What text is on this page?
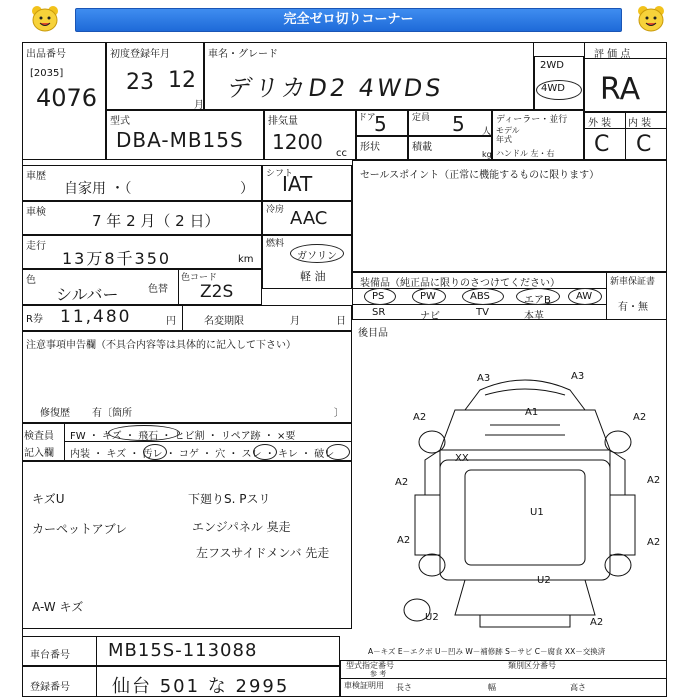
完全ゼロ切りコーナー
出品番号
[2035]
4076
初度登録年月
23 12
月
車名・グレード
デリカD2 4WDS
2WD
4WD
評 価 点
RA
型式
DBA-MB15S
排気量
1200 cc
ドア
5	定員 5 人
形状	積載
kg
ディーラー・並行
モデル年式
ハンドル 左・右
外 装 内 装
C C
車歴
自家用 ・（	）
シフト
IAT
車検	7 年 2 月（ 2 日）
冷房 AAC
走行
13万8千350	km
燃料
ガソリン
軽 油
色
シルバー	色替
色コード
Z2S
R券 11,480	円	名変期限	月	日
注意事項申告欄（不具合内容等は具体的に記入して下さい）
修復歴 有〔箇所	〕
検査員
記入欄
FW ・ キズ ・ 飛石 ・ ヒビ割 ・ リペア跡 ・ ×要
内装 ・ キズ ・ 汚レ ・ コゲ ・ 穴 ・ スレ ・ キレ ・ 破レ
キズU
カーペットアブレ
A-W キズ
下廻りS. Pスリ
エンジパネル 臭走
左フスサイドメンバ 先走
セールスポイント（正常に機能するものに限ります）
装備品（純正品に限りのさつけてください）	新車保証書
有・無
PS	PW	ABS	エアB	AW
SR	ナビ	TV	本革
後目品
A3	A3
A1
A2	A2
A2	A2
A2	A2
U1
U2
U2	A2
XX
A－キズ E－エクボ U－凹み W－補修跡 S－サビ C－腐食 XX－交換済
車台番号 MB15S-113088
登録番号 仙台 501 な 2995
型式指定番号	類別区分番号
参 考
車検証明用 長さ	幅	高さ
